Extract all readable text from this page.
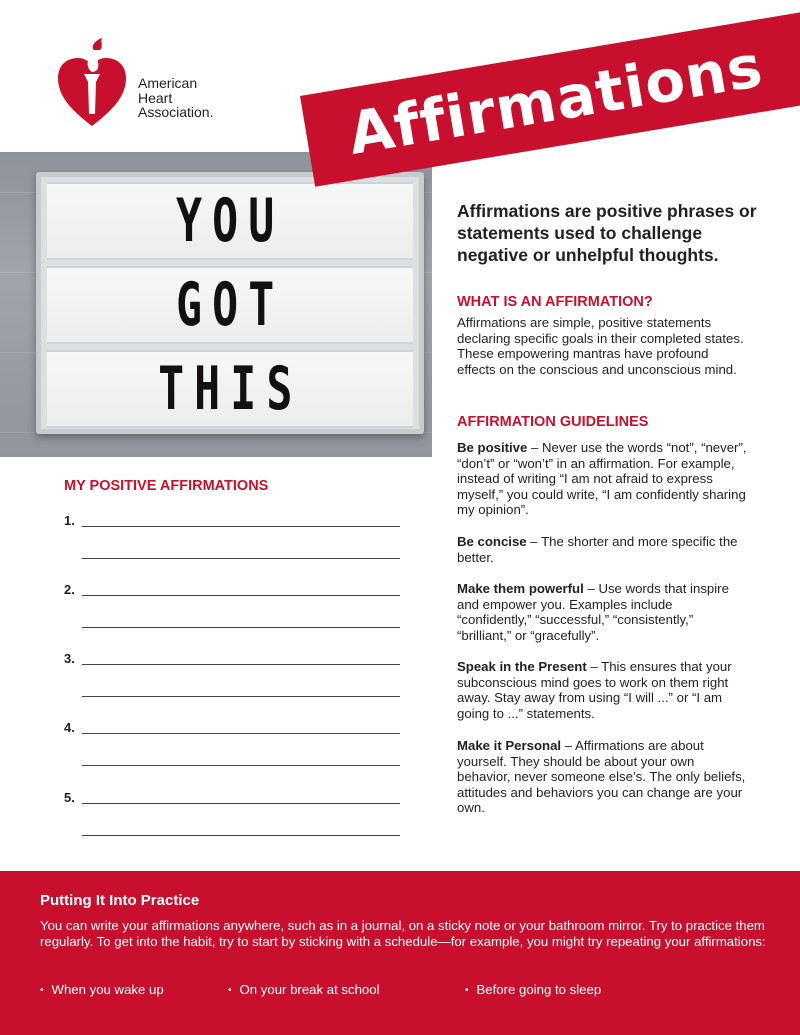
American
Heart
Association.
YOU
GOT
THIS
Affirmations
Affirmations are positive phrases or statements used to challenge negative or unhelpful thoughts.
WHAT IS AN AFFIRMATION?
Affirmations are simple, positive statements declaring specific goals in their completed states. These empowering mantras have profound effects on the conscious and unconscious mind.
AFFIRMATION GUIDELINES
Be positive – Never use the words “not”, “never”, “don’t” or “won’t” in an affirmation. For example, instead of writing “I am not afraid to express myself,” you could write, “I am confidently sharing my opinion”.
Be concise – The shorter and more specific the better.
Make them powerful – Use words that inspire and empower you. Examples include “confidently,” “successful,” “consistently,” “brilliant,” or “gracefully”.
Speak in the Present – This ensures that your subconscious mind goes to work on them right away. Stay away from using “I will ...” or “I am going to ...” statements.
Make it Personal – Affirmations are about yourself. They should be about your own behavior, never someone else’s. The only beliefs, attitudes and behaviors you can change are your own.
MY POSITIVE AFFIRMATIONS
1.
2.
3.
4.
5.
Putting It Into Practice
You can write your affirmations anywhere, such as in a journal, on a sticky note or your bathroom mirror. Try to practice them regularly. To get into the habit, try to start by sticking with a schedule—for example, you might try repeating your affirmations:
• When you wake up	• On your break at school	• Before going to sleep
